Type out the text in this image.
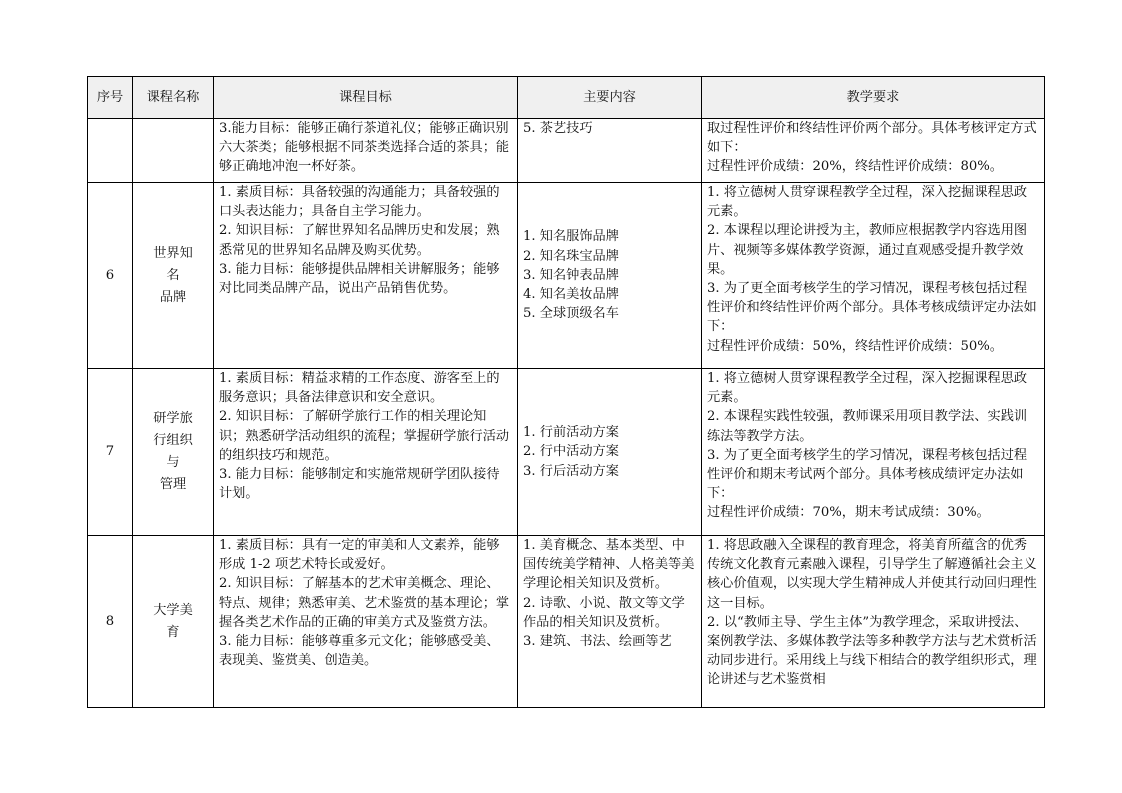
序号	课程名称	课程目标	主要内容	教学要求

		3.能力目标：能够正确行茶道礼仪；能够正确识别六大茶类；能够根据不同茶类选择合适的茶具；能够正确地冲泡一杯好茶。	5. 茶艺技巧	取过程性评价和终结性评价两个部分。具体考核评定方式如下：
过程性评价成绩：20%，终结性评价成绩：80%。

6	世界知
名
品牌	1. 素质目标：具备较强的沟通能力；具备较强的口头表达能力；具备自主学习能力。
2. 知识目标：了解世界知名品牌历史和发展；熟悉常见的世界知名品牌及购买优势。
3. 能力目标：能够提供品牌相关讲解服务；能够对比同类品牌产品，说出产品销售优势。	1. 知名服饰品牌
2. 知名珠宝品牌
3. 知名钟表品牌
4. 知名美妆品牌
5. 全球顶级名车	1. 将立德树人贯穿课程教学全过程，深入挖掘课程思政元素。
2. 本课程以理论讲授为主，教师应根据教学内容选用图片、视频等多媒体教学资源，通过直观感受提升教学效果。
3. 为了更全面考核学生的学习情况，课程考核包括过程性评价和终结性评价两个部分。具体考核成绩评定办法如下：
过程性评价成绩：50%，终结性评价成绩：50%。

7	研学旅
行组织
与
管理	1. 素质目标：精益求精的工作态度、游客至上的服务意识；具备法律意识和安全意识。
2. 知识目标：了解研学旅行工作的相关理论知识；熟悉研学活动组织的流程；掌握研学旅行活动的组织技巧和规范。
3. 能力目标：能够制定和实施常规研学团队接待计划。	1. 行前活动方案
2. 行中活动方案
3. 行后活动方案	1. 将立德树人贯穿课程教学全过程，深入挖掘课程思政元素。
2. 本课程实践性较强，教师课采用项目教学法、实践训练法等教学方法。
3. 为了更全面考核学生的学习情况，课程考核包括过程性评价和期末考试两个部分。具体考核成绩评定办法如下：
过程性评价成绩：70%，期末考试成绩：30%。

8	大学美
育	1. 素质目标：具有一定的审美和人文素养，能够形成 1-2 项艺术特长或爱好。
2. 知识目标：了解基本的艺术审美概念、理论、特点、规律；熟悉审美、艺术鉴赏的基本理论；掌握各类艺术作品的正确的审美方式及鉴赏方法。
3. 能力目标：能够尊重多元文化；能够感受美、表现美、鉴赏美、创造美。	1. 美育概念、基本类型、中国传统美学精神、人格美等美学理论相关知识及赏析。
2. 诗歌、小说、散文等文学作品的相关知识及赏析。
3. 建筑、书法、绘画等艺	1. 将思政融入全课程的教育理念，将美育所蕴含的优秀传统文化教育元素融入课程，引导学生了解遵循社会主义核心价值观，以实现大学生精神成人并使其行动回归理性这一目标。
2. 以“教师主导、学生主体”为教学理念，采取讲授法、案例教学法、多媒体教学法等多种教学方法与艺术赏析活动同步进行。采用线上与线下相结合的教学组织形式，理论讲述与艺术鉴赏相
